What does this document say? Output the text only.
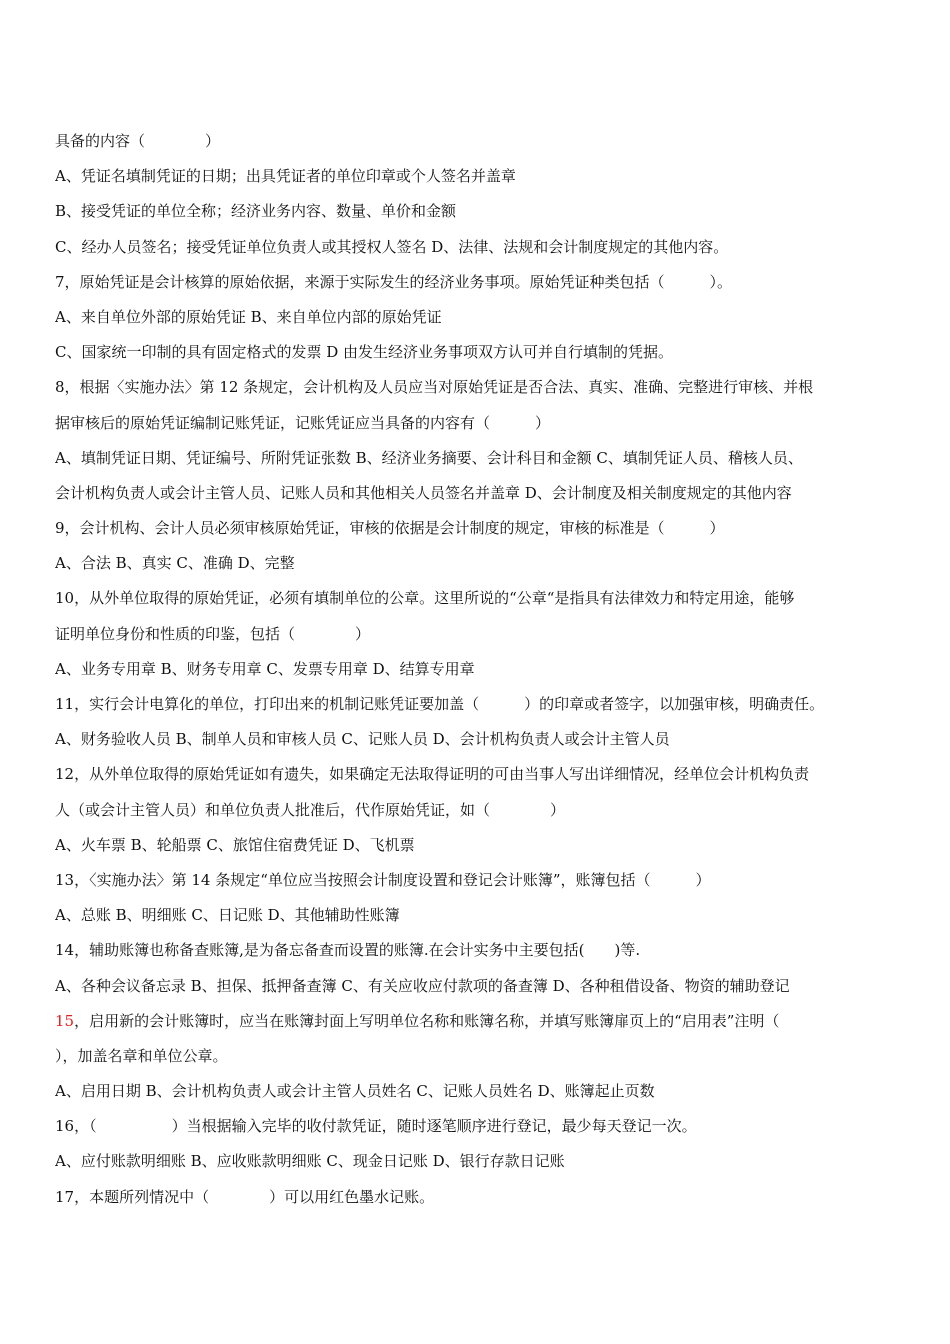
具备的内容（　　　　）
A、凭证名填制凭证的日期；出具凭证者的单位印章或个人签名并盖章
B、接受凭证的单位全称；经济业务内容、数量、单价和金额
C、经办人员签名；接受凭证单位负责人或其授权人签名 D、法律、法规和会计制度规定的其他内容。
7，原始凭证是会计核算的原始依据，来源于实际发生的经济业务事项。原始凭证种类包括（　　　）。
A、来自单位外部的原始凭证 B、来自单位内部的原始凭证
C、国家统一印制的具有固定格式的发票 D 由发生经济业务事项双方认可并自行填制的凭据。
8，根据〈实施办法〉第 12 条规定，会计机构及人员应当对原始凭证是否合法、真实、准确、完整进行审核、并根
据审核后的原始凭证编制记账凭证，记账凭证应当具备的内容有（　　　）
A、填制凭证日期、凭证编号、所附凭证张数 B、经济业务摘要、会计科目和金额 C、填制凭证人员、稽核人员、
会计机构负责人或会计主管人员、记账人员和其他相关人员签名并盖章 D、会计制度及相关制度规定的其他内容
9，会计机构、会计人员必须审核原始凭证，审核的依据是会计制度的规定，审核的标准是（　　　）
A、合法 B、真实 C、准确 D、完整
10，从外单位取得的原始凭证，必须有填制单位的公章。这里所说的“公章“是指具有法律效力和特定用途，能够
证明单位身份和性质的印鉴，包括（　　　　）
A、业务专用章 B、财务专用章 C、发票专用章 D、结算专用章
11，实行会计电算化的单位，打印出来的机制记账凭证要加盖（　　　）的印章或者签字，以加强审核，明确责任。
A、财务验收人员 B、制单人员和审核人员 C、记账人员 D、会计机构负责人或会计主管人员
12，从外单位取得的原始凭证如有遗失，如果确定无法取得证明的可由当事人写出详细情况，经单位会计机构负责
人（或会计主管人员）和单位负责人批准后，代作原始凭证，如（　　　　）
A、火车票 B、轮船票 C、旅馆住宿费凭证 D、飞机票
13，〈实施办法〉第 14 条规定“单位应当按照会计制度设置和登记会计账簿”，账簿包括（　　　）
A、总账 B、明细账 C、日记账 D、其他辅助性账簿
14，辅助账簿也称备查账簿,是为备忘备查而设置的账簿.在会计实务中主要包括(　　)等.
A、各种会议备忘录 B、担保、抵押备查簿 C、有关应收应付款项的备查簿 D、各种租借设备、物资的辅助登记
15，启用新的会计账簿时，应当在账簿封面上写明单位名称和账簿名称，并填写账簿扉页上的“启用表”注明（
），加盖名章和单位公章。
A、启用日期 B、会计机构负责人或会计主管人员姓名 C、记账人员姓名 D、账簿起止页数
16，（　　　　　）当根据输入完毕的收付款凭证，随时逐笔顺序进行登记，最少每天登记一次。
A、应付账款明细账 B、应收账款明细账 C、现金日记账 D、银行存款日记账
17，本题所列情况中（　　　　）可以用红色墨水记账。
